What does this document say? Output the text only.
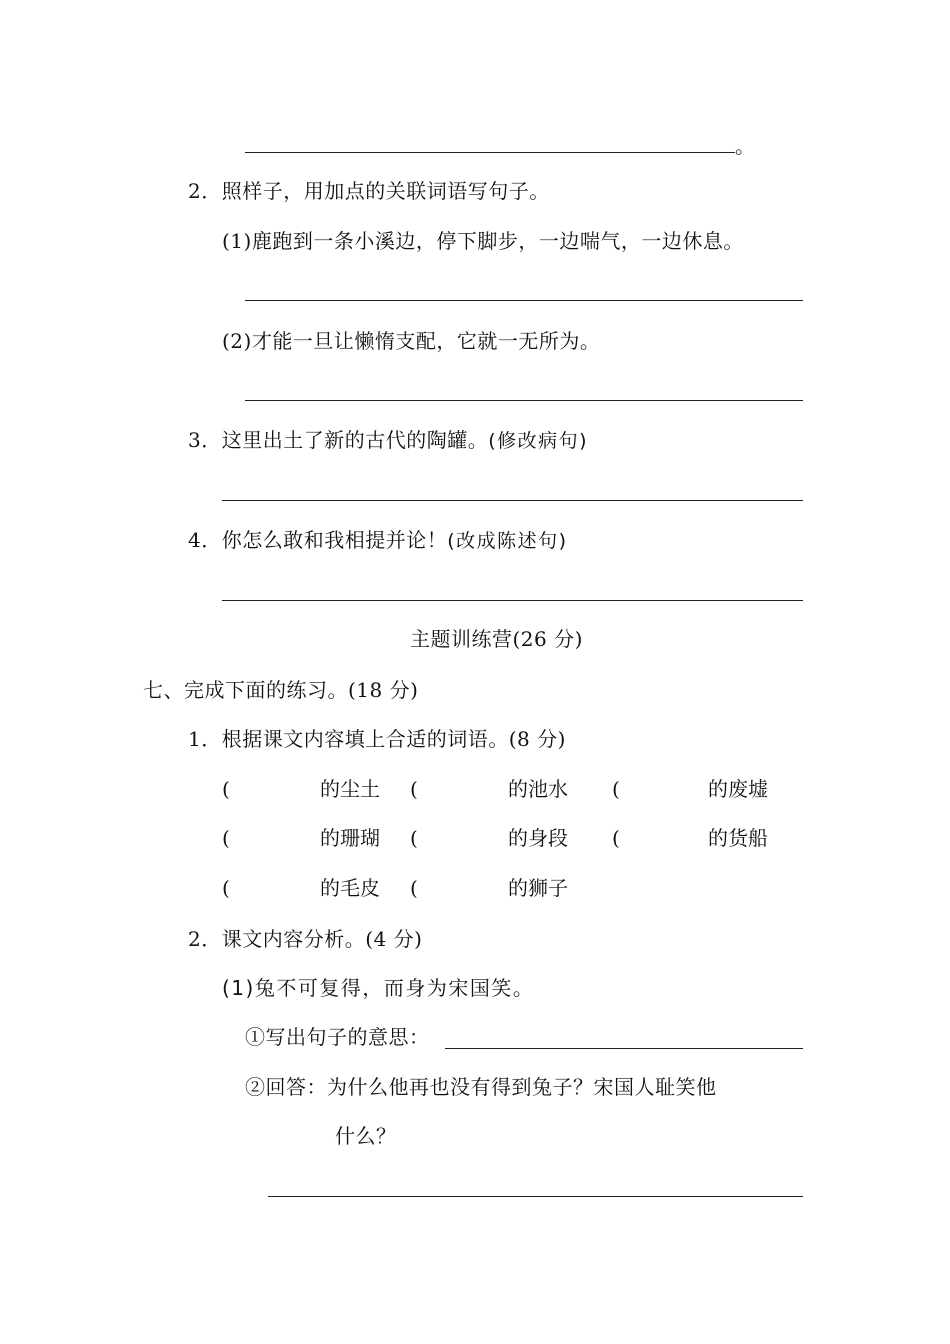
。
2．照样子，用加点的关联词语写句子。
(1)鹿跑到一条小溪边，停下脚步，一边喘气，一边休息。
(2)才能一旦让懒惰支配，它就一无所为。
3．这里出土了新的古代的陶罐。(修改病句)
4．你怎么敢和我相提并论！(改成陈述句)
主题训练营(26 分)
七、完成下面的练习。(18 分)
1．根据课文内容填上合适的词语。(8 分)
(	的尘土 (	的池水 (	的废墟
(	的珊瑚 (	的身段 (	的货船
(	的毛皮 (	的狮子
2．课文内容分析。(4 分)
(1)兔不可复得，而身为宋国笑。
①写出句子的意思：
②回答：为什么他再也没有得到兔子？宋国人耻笑他
什么？
